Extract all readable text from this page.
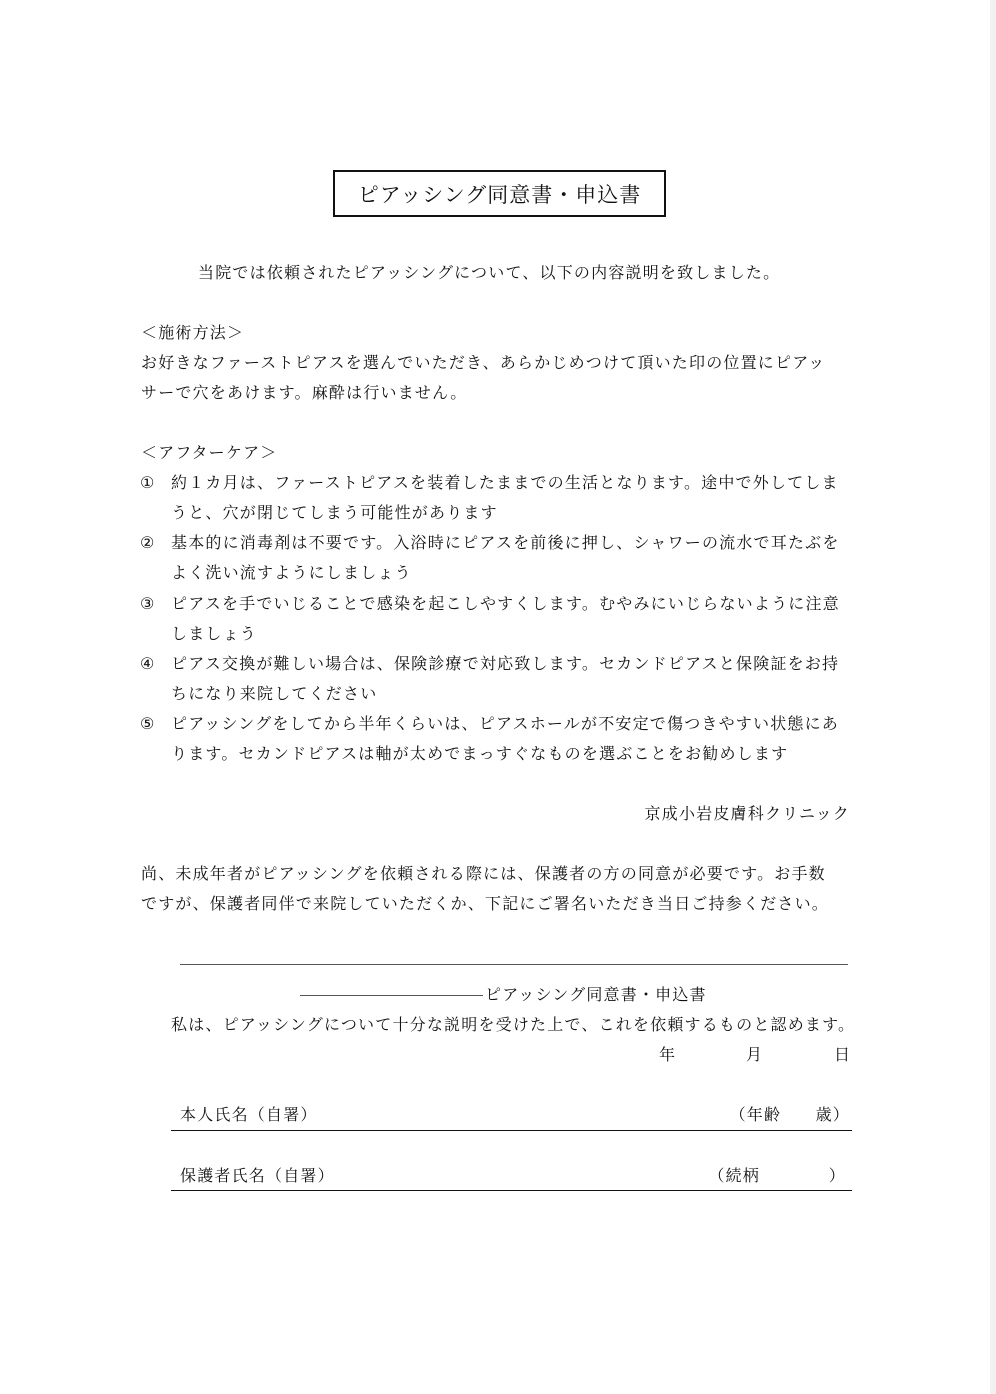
ピアッシング同意書・申込書
当院では依頼されたピアッシングについて、以下の内容説明を致しました。
＜施術方法＞
お好きなファーストピアスを選んでいただき、あらかじめつけて頂いた印の位置にピアッ
サーで穴をあけます。麻酔は行いません。
＜アフターケア＞
①	約１カ月は、ファーストピアスを装着したままでの生活となります。途中で外してしま
うと、穴が閉じてしまう可能性があります
②	基本的に消毒剤は不要です。入浴時にピアスを前後に押し、シャワーの流水で耳たぶを
よく洗い流すようにしましょう
③	ピアスを手でいじることで感染を起こしやすくします。むやみにいじらないように注意
しましょう
④	ピアス交換が難しい場合は、保険診療で対応致します。セカンドピアスと保険証をお持
ちになり来院してください
⑤	ピアッシングをしてから半年くらいは、ピアスホールが不安定で傷つきやすい状態にあ
ります。セカンドピアスは軸が太めでまっすぐなものを選ぶことをお勧めします
京成小岩皮膚科クリニック
尚、未成年者がピアッシングを依頼される際には、保護者の方の同意が必要です。お手数
ですが、保護者同伴で来院していただくか、下記にご署名いただき当日ご持参ください。
ピアッシング同意書・申込書
私は、ピアッシングについて十分な説明を受けた上で、これを依頼するものと認めます。
年	月	日
本人氏名（自署）	（年齢　　歳）
保護者氏名（自署）	（続柄　　　　）
